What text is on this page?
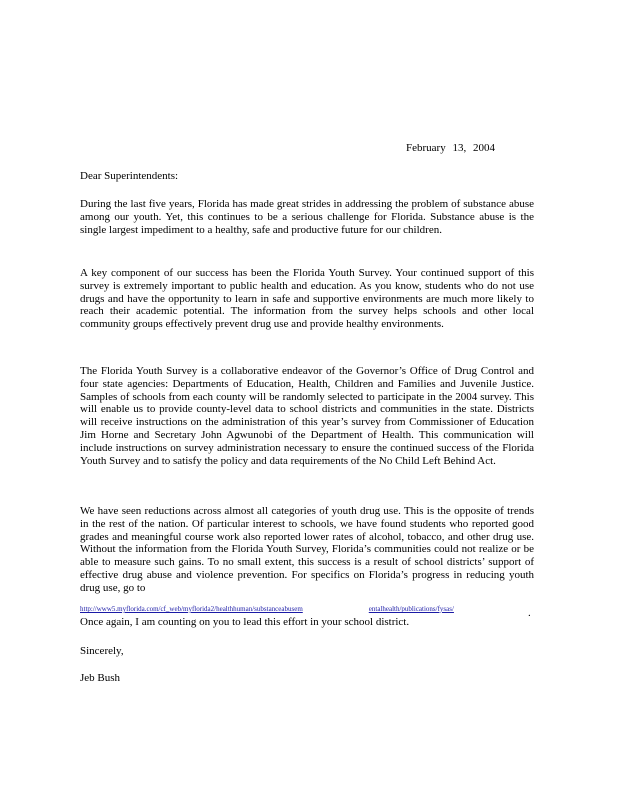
February 13, 2004
Dear Superintendents:

During the last five years, Florida has made great strides in addressing the problem of substance abuse among our youth. Yet, this continues to be a serious challenge for Florida. Substance abuse is the single largest impediment to a healthy, safe and productive future for our children.

A key component of our success has been the Florida Youth Survey. Your continued support of this survey is extremely important to public health and education. As you know, students who do not use drugs and have the opportunity to learn in safe and supportive environments are much more likely to reach their academic potential. The information from the survey helps schools and other local community groups effectively prevent drug use and provide healthy environments.

The Florida Youth Survey is a collaborative endeavor of the Governor’s Office of Drug Control and four state agencies: Departments of Education, Health, Children and Families and Juvenile Justice. Samples of schools from each county will be randomly selected to participate in the 2004 survey. This will enable us to provide county-level data to school districts and communities in the state. Districts will receive instructions on the administration of this year’s survey from Commissioner of Education Jim Horne and Secretary John Agwunobi of the Department of Health. This communication will include instructions on survey administration necessary to ensure the continued success of the Florida Youth Survey and to satisfy the policy and data requirements of the No Child Left Behind Act.

We have seen reductions across almost all categories of youth drug use. This is the opposite of trends in the rest of the nation. Of particular interest to schools, we have found students who reported good grades and meaningful course work also reported lower rates of alcohol, tobacco, and other drug use. Without the information from the Florida Youth Survey, Florida’s communities could not realize or be able to measure such gains. To no small extent, this success is a result of school districts’ support of effective drug abuse and violence prevention. For specifics on Florida’s progress in reducing youth drug use, go to

http://www5.myflorida.com/cf_web/myflorida2/healthhuman/substanceabusem	entalhealth/publications/fysas/	.
Once again, I am counting on you to lead this effort in your school district.
Sincerely,
Jeb Bush
